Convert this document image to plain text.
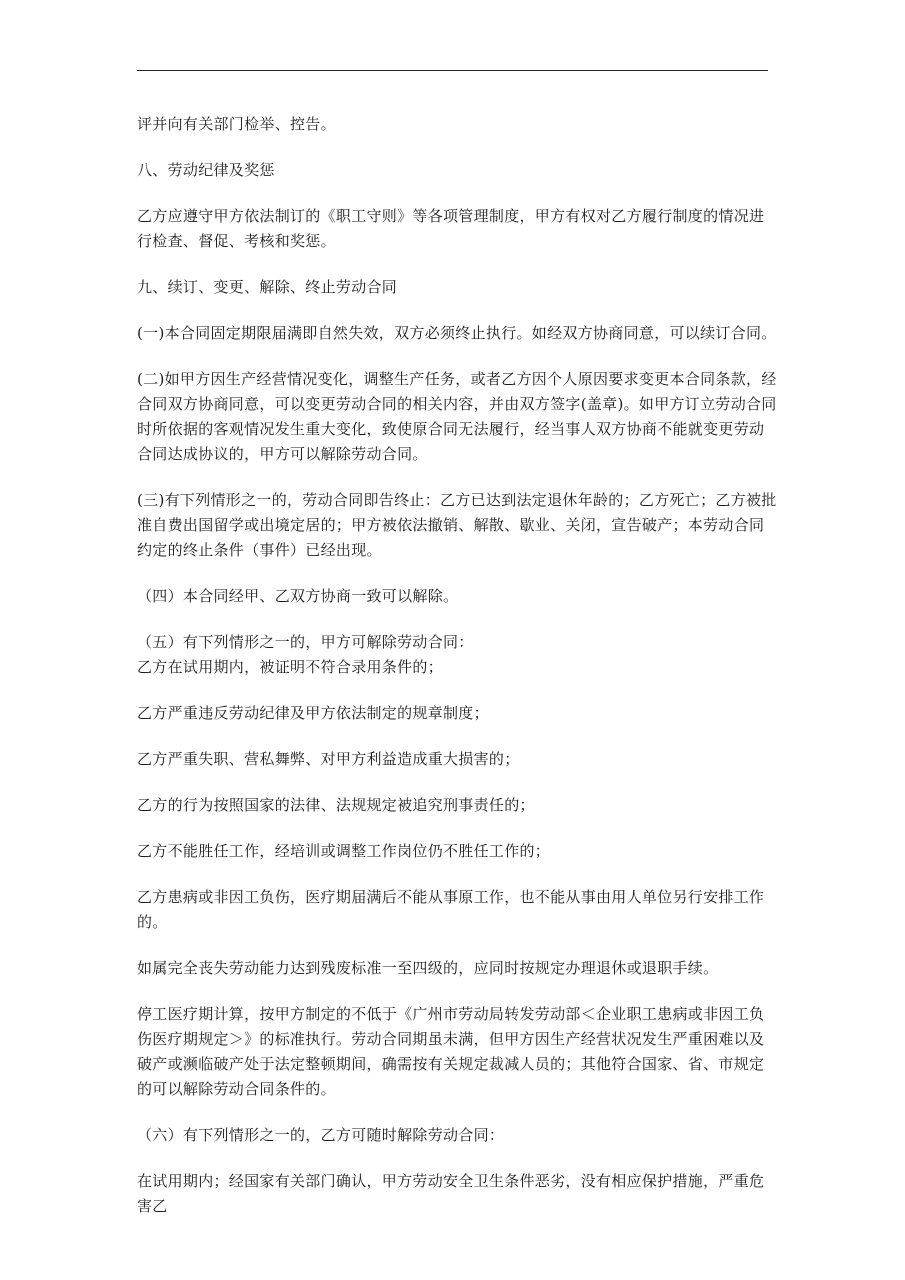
评并向有关部门检举、控告。

八、劳动纪律及奖惩

乙方应遵守甲方依法制订的《职工守则》等各项管理制度，甲方有权对乙方履行制度的情况进行检查、督促、考核和奖惩。

九、续订、变更、解除、终止劳动合同

(一)本合同固定期限届满即自然失效，双方必须终止执行。如经双方协商同意，可以续订合同。

(二)如甲方因生产经营情况变化，调整生产任务，或者乙方因个人原因要求变更本合同条款，经合同双方协商同意，可以变更劳动合同的相关内容，并由双方签字(盖章)。如甲方订立劳动合同时所依据的客观情况发生重大变化，致使原合同无法履行，经当事人双方协商不能就变更劳动合同达成协议的，甲方可以解除劳动合同。

(三)有下列情形之一的，劳动合同即告终止：乙方已达到法定退休年龄的；乙方死亡；乙方被批准自费出国留学或出境定居的；甲方被依法撤销、解散、歇业、关闭，宣告破产；本劳动合同约定的终止条件（事件）已经出现。

（四）本合同经甲、乙双方协商一致可以解除。

（五）有下列情形之一的，甲方可解除劳动合同：

乙方在试用期内，被证明不符合录用条件的；

乙方严重违反劳动纪律及甲方依法制定的规章制度；

乙方严重失职、营私舞弊、对甲方利益造成重大损害的；

乙方的行为按照国家的法律、法规规定被追究刑事责任的；

乙方不能胜任工作，经培训或调整工作岗位仍不胜任工作的；

乙方患病或非因工负伤，医疗期届满后不能从事原工作，也不能从事由用人单位另行安排工作的。

如属完全丧失劳动能力达到残废标准一至四级的，应同时按规定办理退休或退职手续。

停工医疗期计算，按甲方制定的不低于《广州市劳动局转发劳动部＜企业职工患病或非因工负伤医疗期规定＞》的标准执行。劳动合同期虽未满，但甲方因生产经营状况发生严重困难以及破产或濒临破产处于法定整顿期间，确需按有关规定裁减人员的；其他符合国家、省、市规定的可以解除劳动合同条件的。

（六）有下列情形之一的，乙方可随时解除劳动合同：

在试用期内；经国家有关部门确认，甲方劳动安全卫生条件恶劣，没有相应保护措施，严重危害乙
